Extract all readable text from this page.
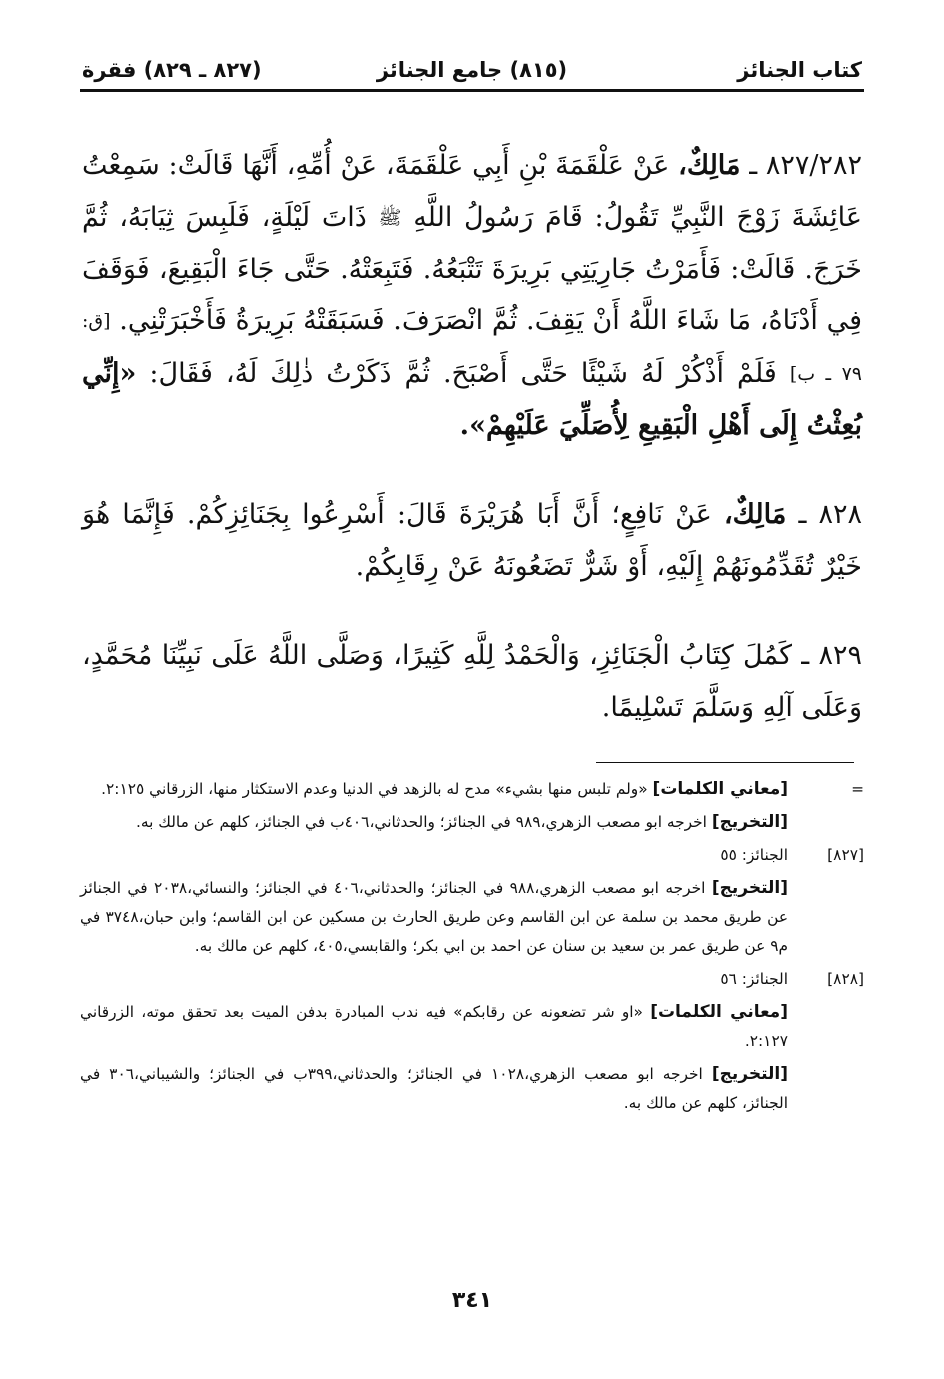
كتاب الجنائز
(٨١٥) جامع الجنائز
(٨٢٧ ـ ٨٢٩) فقرة

٨٢٧/٢٨٢ ـ مَالِكٌ، عَنْ عَلْقَمَةَ بْنِ أَبِي عَلْقَمَةَ، عَنْ أُمِّهِ، أَنَّهَا قَالَتْ: سَمِعْتُ عَائِشَةَ زَوْجَ النَّبِيِّ تَقُولُ: قَامَ رَسُولُ اللَّهِ ﷺ ذَاتَ لَيْلَةٍ، فَلَبِسَ ثِيَابَهُ، ثُمَّ خَرَجَ. قَالَتْ: فَأَمَرْتُ جَارِيَتِي بَرِيرَةَ تَتْبَعُهُ. فَتَبِعَتْهُ. حَتَّى جَاءَ الْبَقِيعَ، فَوَقَفَ فِي أَدْنَاهُ، مَا شَاءَ اللَّهُ أَنْ يَقِفَ. ثُمَّ انْصَرَفَ. فَسَبَقَتْهُ بَرِيرَةُ فَأَخْبَرَتْنِي. [ق: ٧٩ ـ ب] فَلَمْ أَذْكُرْ لَهُ شَيْئًا حَتَّى أَصْبَحَ. ثُمَّ ذَكَرْتُ ذٰلِكَ لَهُ، فَقَالَ: «إِنِّي بُعِثْتُ إِلَى أَهْلِ الْبَقِيعِ لِأُصَلِّيَ عَلَيْهِمْ».

٨٢٨ ـ مَالِكٌ، عَنْ نَافِعٍ؛ أَنَّ أَبَا هُرَيْرَةَ قَالَ: أَسْرِعُوا بِجَنَائِزِكُمْ. فَإِنَّمَا هُوَ خَيْرٌ تُقَدِّمُونَهُمْ إِلَيْهِ، أَوْ شَرٌّ تَضَعُونَهُ عَنْ رِقَابِكُمْ.

٨٢٩ ـ كَمُلَ كِتَابُ الْجَنَائِزِ، وَالْحَمْدُ لِلَّهِ كَثِيرًا، وَصَلَّى اللَّهُ عَلَى نَبِيِّنَا مُحَمَّدٍ، وَعَلَى آلِهِ وَسَلَّمَ تَسْلِيمًا.

=
[معاني الكلمات] «ولم تلبس منها بشيء» مدح له بالزهد في الدنيا وعدم الاستكثار منها، الزرقاني ٢:١٢٥.
[التخريج] اخرجه ابو مصعب الزهري،٩٨٩ في الجنائز؛ والحدثاني،٤٠٦ب في الجنائز، كلهم عن مالك به.
[٨٢٧]
الجنائز: ٥٥
[التخريج] اخرجه ابو مصعب الزهري،٩٨٨ في الجنائز؛ والحدثاني،٤٠٦ في الجنائز؛ والنسائي،٢٠٣٨ في الجنائز عن طريق محمد بن سلمة عن ابن القاسم وعن طريق الحارث بن مسكين عن ابن القاسم؛ وابن حبان،٣٧٤٨ في م٩ عن طريق عمر بن سعيد بن سنان عن احمد بن ابي بكر؛ والقابسي،٤٠٥، كلهم عن مالك به.
[٨٢٨]
الجنائز: ٥٦
[معاني الكلمات] «او شر تضعونه عن رقابكم» فيه ندب المبادرة بدفن الميت بعد تحقق موته، الزرقاني ٢:١٢٧.
[التخريج] اخرجه ابو مصعب الزهري،١٠٢٨ في الجنائز؛ والحدثاني،٣٩٩ب في الجنائز؛ والشيباني،٣٠٦ في الجنائز، كلهم عن مالك به.
٣٤١
